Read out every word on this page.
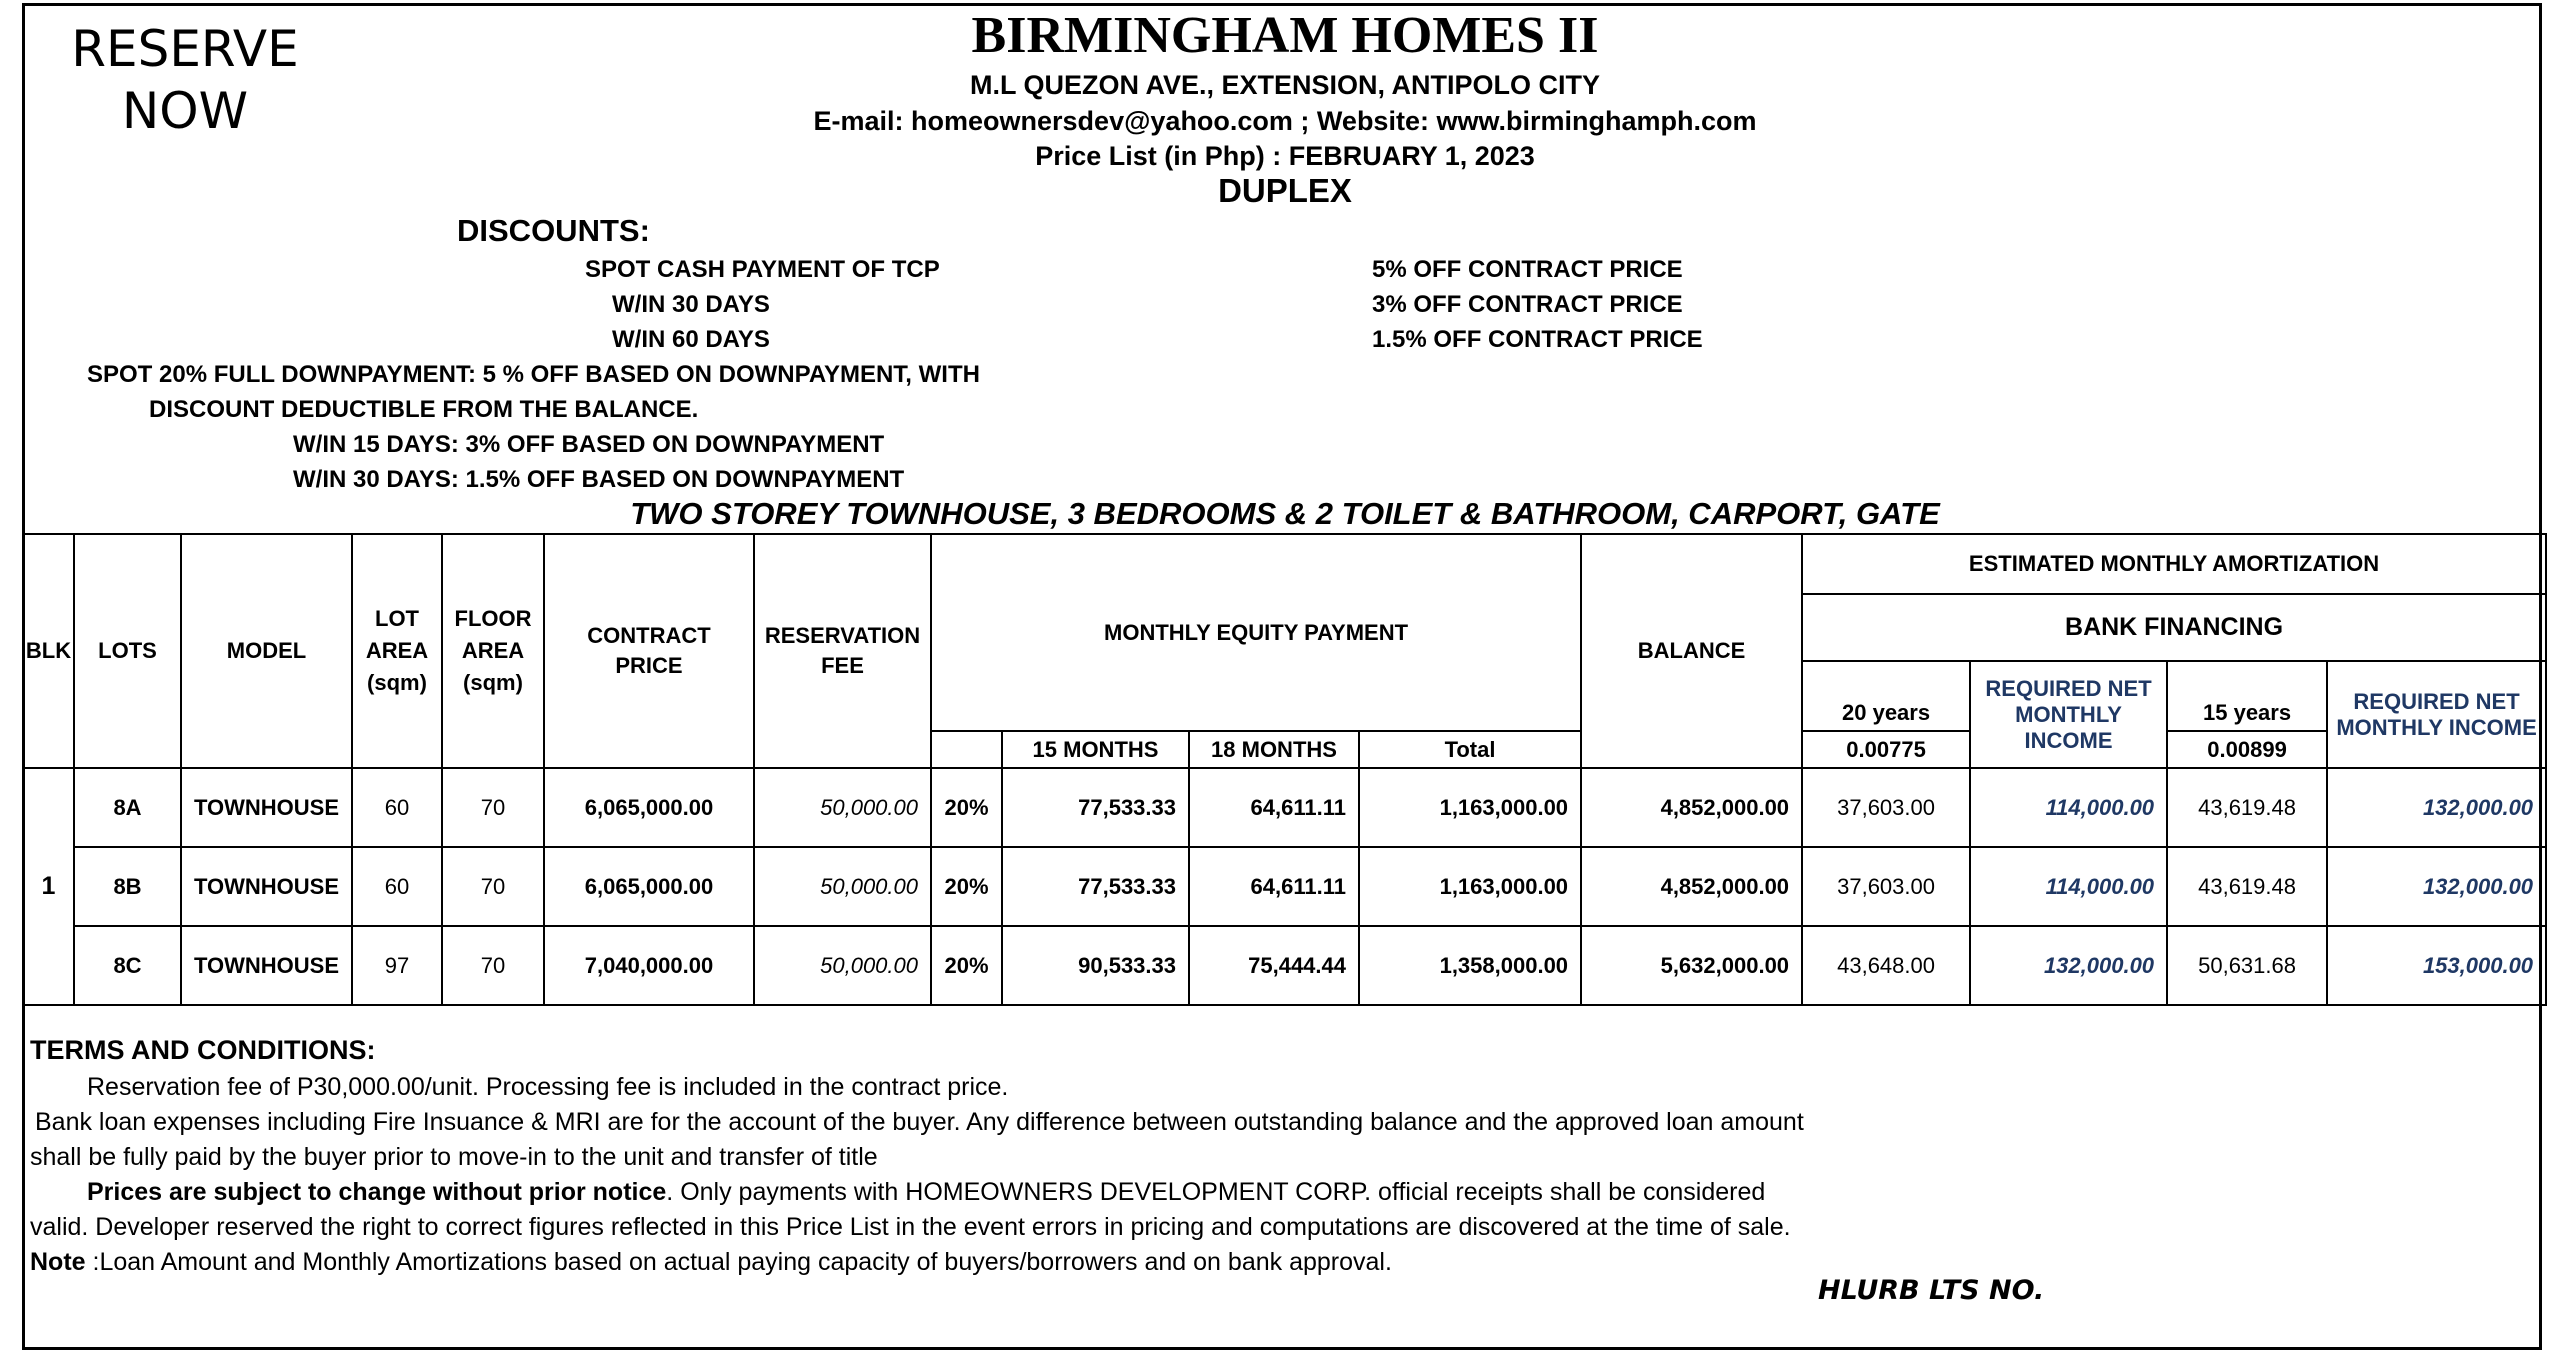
RESERVE
NOW
BIRMINGHAM HOMES II
M.L QUEZON AVE., EXTENSION, ANTIPOLO CITY
E-mail: homeownersdev@yahoo.com ; Website: www.birminghamph.com
Price List (in Php) : FEBRUARY 1, 2023
DUPLEX
DISCOUNTS:
SPOT CASH PAYMENT OF TCP	5% OFF CONTRACT PRICE
W/IN 30 DAYS	3% OFF CONTRACT PRICE
W/IN 60 DAYS	1.5% OFF CONTRACT PRICE
SPOT 20% FULL DOWNPAYMENT: 5 % OFF BASED ON DOWNPAYMENT, WITH
DISCOUNT DEDUCTIBLE FROM THE BALANCE.
W/IN 15 DAYS: 3% OFF BASED ON DOWNPAYMENT
W/IN 30 DAYS: 1.5% OFF BASED ON DOWNPAYMENT
TWO STOREY TOWNHOUSE, 3 BEDROOMS & 2 TOILET & BATHROOM, CARPORT, GATE
BLK	LOTS	MODEL	LOT AREA (sqm)	FLOOR AREA (sqm)	CONTRACT PRICE	RESERVATION FEE	MONTHLY EQUITY PAYMENT				BALANCE	ESTIMATED MONTHLY AMORTIZATION			
												BANK FINANCING			
												20 years	REQUIRED NET MONTHLY INCOME	15 years	REQUIRED NET MONTHLY INCOME
								15 MONTHS	18 MONTHS	Total		0.00775		0.00899	
1	8A	TOWNHOUSE	60	70	6,065,000.00	50,000.00	20%	77,533.33	64,611.11	1,163,000.00	4,852,000.00	37,603.00	114,000.00	43,619.48	132,000.00
	8B	TOWNHOUSE	60	70	6,065,000.00	50,000.00	20%	77,533.33	64,611.11	1,163,000.00	4,852,000.00	37,603.00	114,000.00	43,619.48	132,000.00
	8C	TOWNHOUSE	97	70	7,040,000.00	50,000.00	20%	90,533.33	75,444.44	1,358,000.00	5,632,000.00	43,648.00	132,000.00	50,631.68	153,000.00
TERMS AND CONDITIONS:
Reservation fee of P30,000.00/unit. Processing fee is included in the contract price.
Bank loan expenses including Fire Insuance & MRI are for the account of the buyer. Any difference between outstanding balance and the approved loan amount
shall be fully paid by the buyer prior to move-in to the unit and transfer of title
Prices are subject to change without prior notice. Only payments with HOMEOWNERS DEVELOPMENT CORP. official receipts shall be considered
valid. Developer reserved the right to correct figures reflected in this Price List in the event errors in pricing and computations are discovered at the time of sale.
Note :Loan Amount and Monthly Amortizations based on actual paying capacity of buyers/borrowers and on bank approval.
HLURB LTS NO.
